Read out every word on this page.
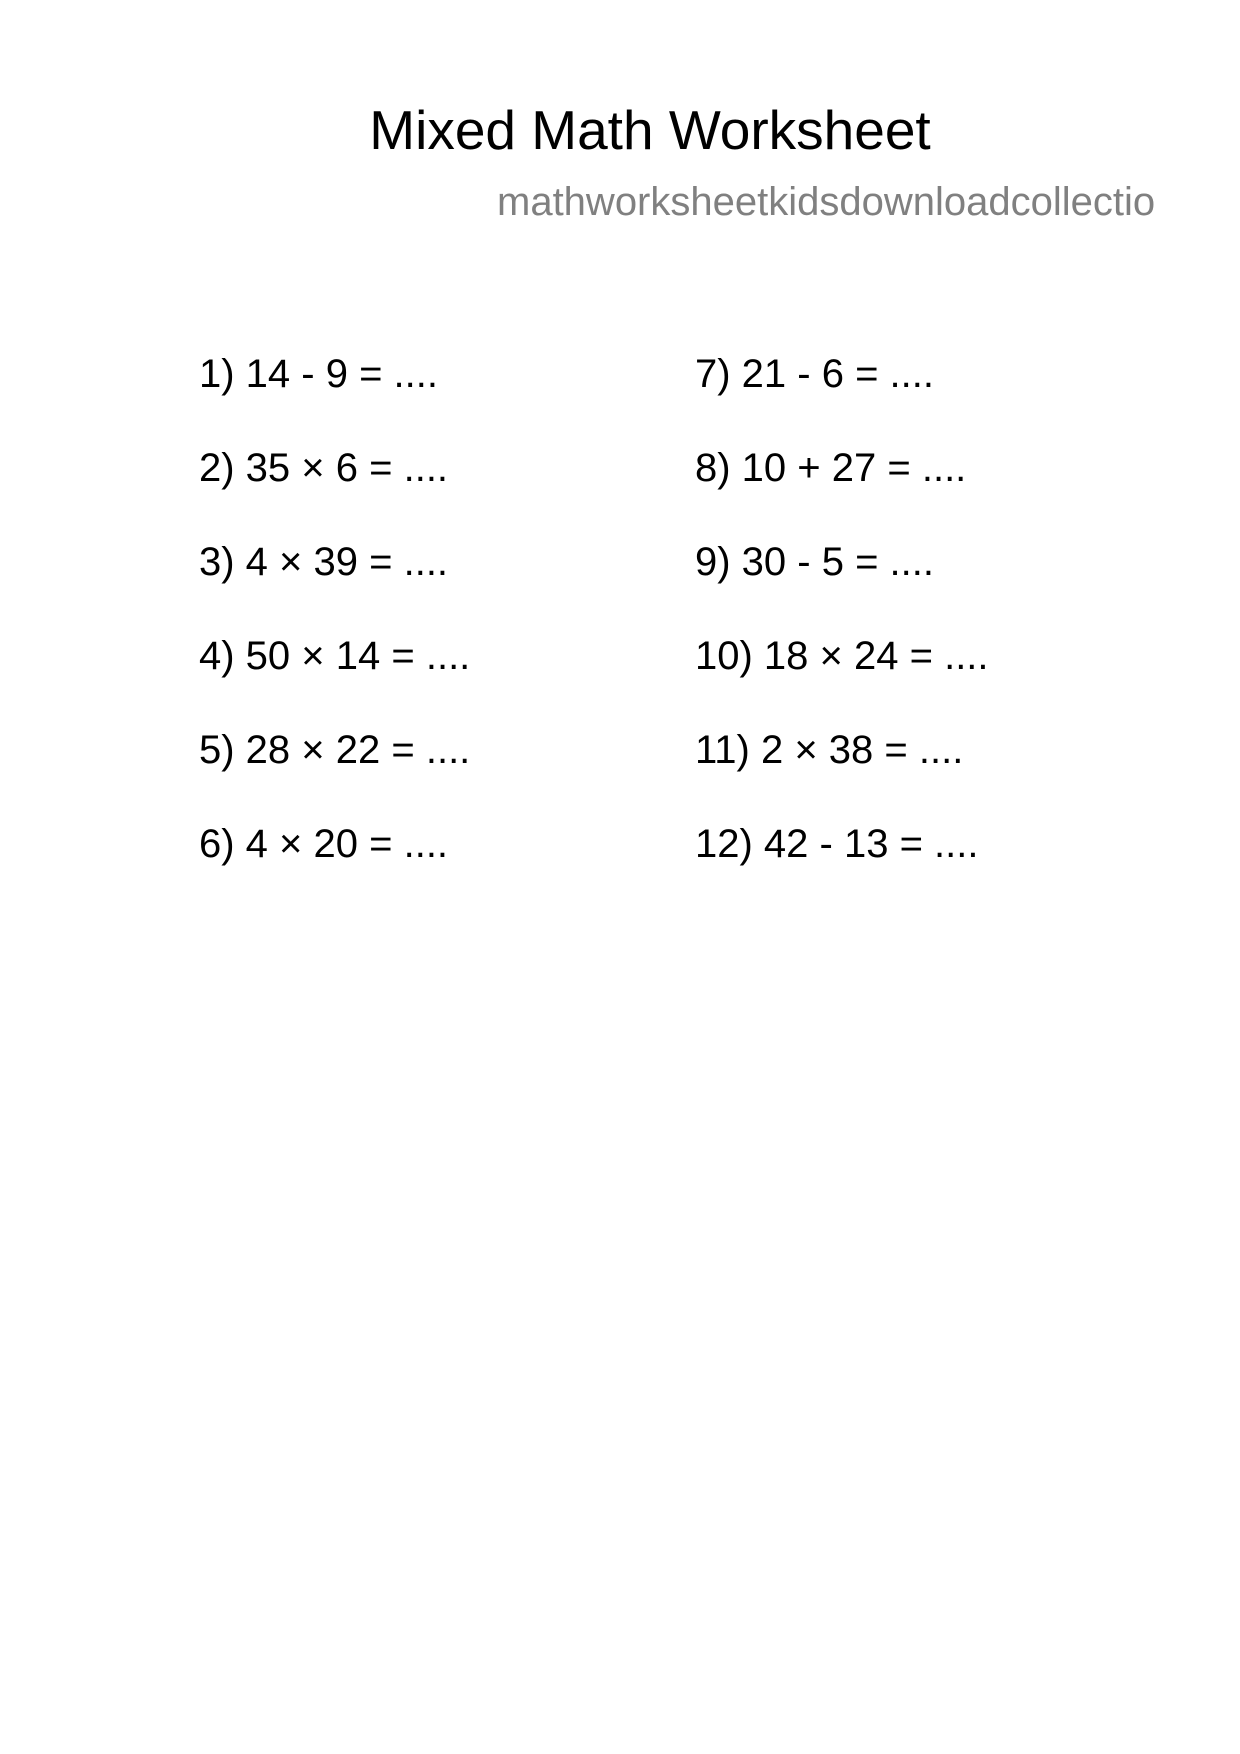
Mixed Math Worksheet
mathworksheetkidsdownloadcollectio
1) 14 - 9 = ....
2) 35 × 6 = ....
3) 4 × 39 = ....
4) 50 × 14 = ....
5) 28 × 22 = ....
6) 4 × 20 = ....
7) 21 - 6 = ....
8) 10 + 27 = ....
9) 30 - 5 = ....
10) 18 × 24 = ....
11) 2 × 38 = ....
12) 42 - 13 = ....
